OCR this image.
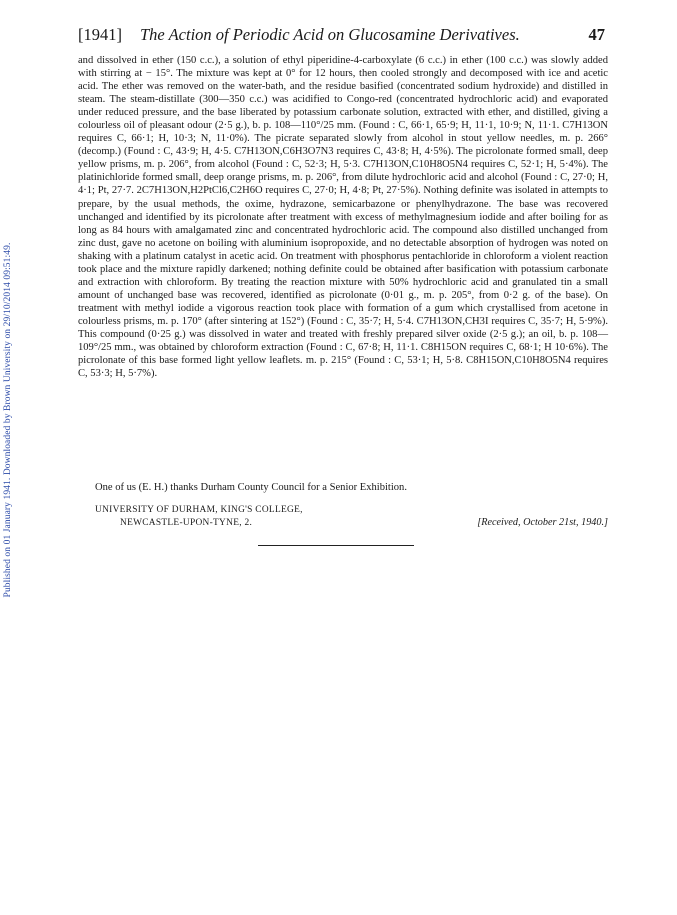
Published on 01 January 1941. Downloaded by Brown University on 29/10/2014 09:51:49.
[1941] The Action of Periodic Acid on Glucosamine Derivatives.	47

and dissolved in ether (150 c.c.), a solution of ethyl piperidine-4-carboxylate (6 c.c.) in ether (100 c.c.) was slowly added with stirring at − 15°. The mixture was kept at 0° for 12 hours, then cooled strongly and decomposed with ice and acetic acid. The ether was removed on the water-bath, and the residue basified (concentrated sodium hydroxide) and distilled in steam. The steam-distillate (300—350 c.c.) was acidified to Congo-red (concentrated hydrochloric acid) and evaporated under reduced pressure, and the base liberated by potassium carbonate solution, extracted with ether, and distilled, giving a colourless oil of pleasant odour (2·5 g.), b. p. 108—110°/25 mm. (Found : C, 66·1, 65·9; H, 11·1, 10·9; N, 11·1. C7H13ON requires C, 66·1; H, 10·3; N, 11·0%). The picrate separated slowly from alcohol in stout yellow needles, m. p. 266° (decomp.) (Found : C, 43·9; H, 4·5. C7H13ON,C6H3O7N3 requires C, 43·8; H, 4·5%). The picrolonate formed small, deep yellow prisms, m. p. 206°, from alcohol (Found : C, 52·3; H, 5·3. C7H13ON,C10H8O5N4 requires C, 52·1; H, 5·4%). The platinichloride formed small, deep orange prisms, m. p. 206°, from dilute hydrochloric acid and alcohol (Found : C, 27·0; H, 4·1; Pt, 27·7. 2C7H13ON,H2PtCl6,C2H6O requires C, 27·0; H, 4·8; Pt, 27·5%). Nothing definite was isolated in attempts to prepare, by the usual methods, the oxime, hydrazone, semicarbazone or phenylhydrazone. The base was recovered unchanged and identified by its picrolonate after treatment with excess of methylmagnesium iodide and after boiling for as long as 84 hours with amalgamated zinc and concentrated hydrochloric acid. The compound also distilled unchanged from zinc dust, gave no acetone on boiling with aluminium isopropoxide, and no detectable absorption of hydrogen was noted on shaking with a platinum catalyst in acetic acid. On treatment with phosphorus pentachloride in chloroform a violent reaction took place and the mixture rapidly darkened; nothing definite could be obtained after basification with potassium carbonate and extraction with chloroform. By treating the reaction mixture with 50% hydrochloric acid and granulated tin a small amount of unchanged base was recovered, identified as picrolonate (0·01 g., m. p. 205°, from 0·2 g. of the base). On treatment with methyl iodide a vigorous reaction took place with formation of a gum which crystallised from acetone in colourless prisms, m. p. 170° (after sintering at 152°) (Found : C, 35·7; H, 5·4. C7H13ON,CH3I requires C, 35·7; H, 5·9%). This compound (0·25 g.) was dissolved in water and treated with freshly prepared silver oxide (2·5 g.); an oil, b. p. 108—109°/25 mm., was obtained by chloroform extraction (Found : C, 67·8; H, 11·1. C8H15ON requires C, 68·1; H 10·6%). The picrolonate of this base formed light yellow leaflets. m. p. 215° (Found : C, 53·1; H, 5·8. C8H15ON,C10H8O5N4 requires C, 53·3; H, 5·7%).

One of us (E. H.) thanks Durham County Council for a Senior Exhibition.
UNIVERSITY OF DURHAM, KING'S COLLEGE,
NEWCASTLE-UPON-TYNE, 2.	[Received, October 21st, 1940.]
